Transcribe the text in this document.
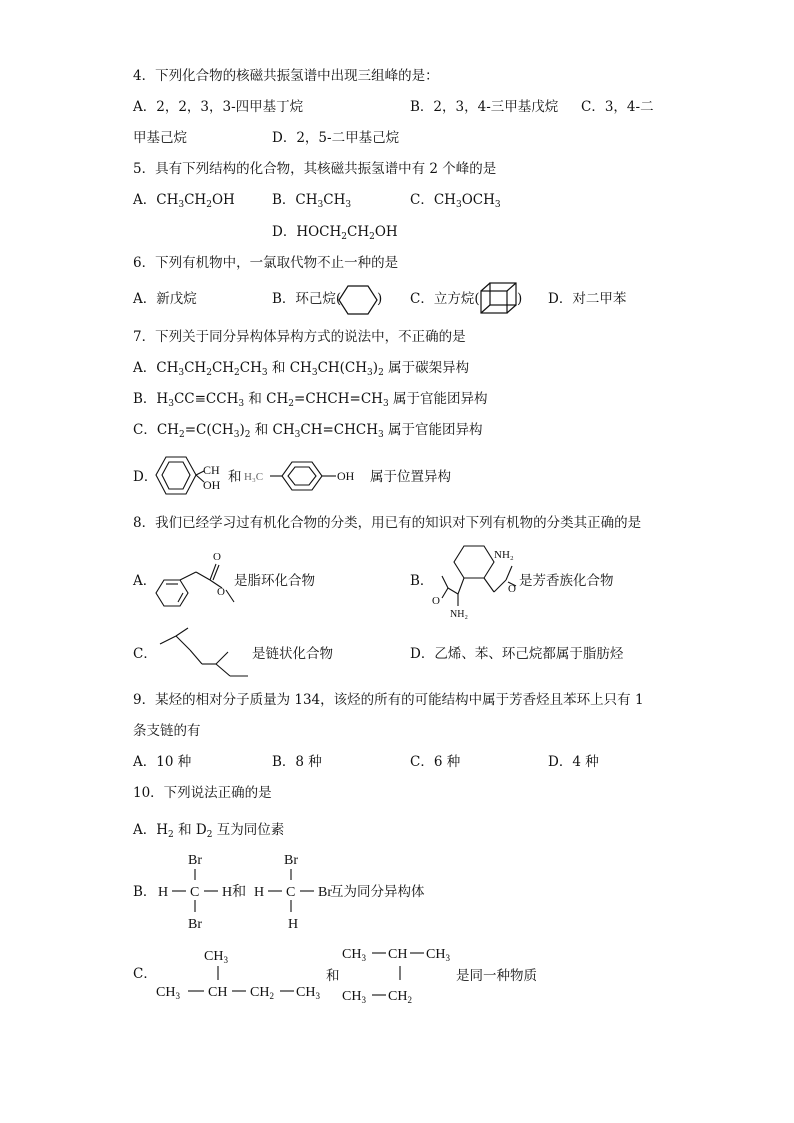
4．下列化合物的核磁共振氢谱中出现三组峰的是：
A．2，2，3，3-四甲基丁烷	B．2，3，4-三甲基戊烷 C．3，4-二
甲基己烷	D．2，5-二甲基己烷
5．具有下列结构的化合物，其核磁共振氢谱中有 2 个峰的是
A．$CH_3CH_2OH$	B．$CH_3CH_3$	C．$CH_3OCH_3$
D．$HOCH_2CH_2OH$
6．下列有机物中，一氯取代物不止一种的是
A．新戊烷	B．环己烷(	) C．立方烷(	) D．对二甲苯
7．下列关于同分异构体异构方式的说法中，不正确的是
A．$CH_3CH_2CH_2CH_3$ 和 $CH_3CH(CH_3)_2$ 属于碳架异构
B．$H_3CC\equiv CCH_3$ 和 $CH_2=CHCH=CH_3$ 属于官能团异构
C．$CH_2=C(CH_3)_2$ 和 $CH_3CH=CHCH_3$ 属于官能团异构
D．	CH
OH 和 H₃C	OH 属于位置异构
8．我们已经学习过有机化合物的分类，用已有的知识对下列有机物的分类其正确的是
A．
O
O
是脂环化合物	B．
NH₂
O
O
NH₂
是芳香族化合物
C．	是链状化合物	D．乙烯、苯、环己烷都属于脂肪烃
9．某烃的相对分子质量为 134，该烃的所有的可能结构中属于芳香烃且苯环上只有 1
条支链的有
A．10 种	B．8 种	C．6 种	D．4 种
10．下列说法正确的是
A．$H_2$ 和 $D_2$ 互为同位素
B．
Br
H C
Br
Br
H C
H
H和	Br
互为同分异构体
C．
$CH_3$
$CH_3$ CH $CH_2$ $CH_3$
和
$CH_3$ CH $CH_3$
$CH_3$ $CH_2$
是同一种物质
